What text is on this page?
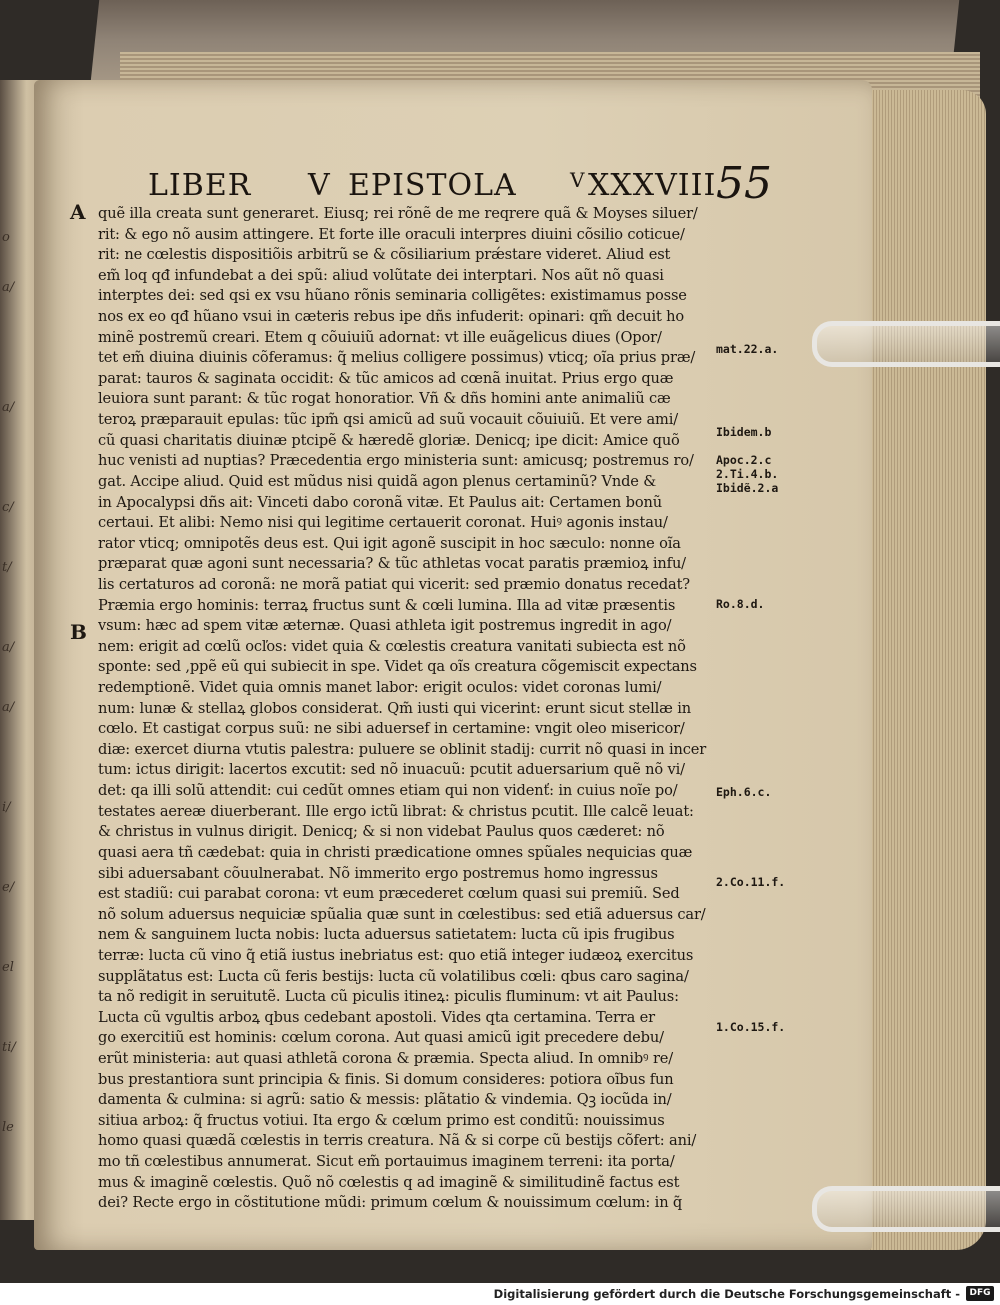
o
a/
a/
c/
t/
a/
a/
i/
e/
el
ti/
le
LIBER V EPISTOLA	V XXXVIII 55
A
B
quẽ illa creata sunt generaret. Eiusq; rei rõnẽ de me reqrere quã & Moyses siluer/
rit: & ego nõ ausim attingere. Et forte ille oraculi interpres diuini cõsilio coticue/
rit: ne cœlestis dispositiõis arbitrũ se & cõsiliarium prǽstare videret. Aliud est
em̃ loq qđ infundebat a dei spũ: aliud volũtate dei interptari. Nos aũt nõ quasi
interptes dei: sed qsi ex vsu hũano rõnis seminaria colligẽtes: existimamus posse
nos ex eo qđ hũano vsui in cæteris rebus ipe dñs infuderit: opinari: qm̃ decuit ho
minẽ postremũ creari. Etem q cõuiuiũ adornat: vt ille euãgelicus diues (Opor/
tet em̃ diuina diuinis cõferamus: q̃ melius colligere possimus) vticq; oĩa prius præ/
parat: tauros & saginata occidit: & tũc amicos ad cœnã inuitat. Prius ergo quæ
leuiora sunt parant: & tũc rogat honoratior. Vñ & dñs homini ante animaliũ cæ
teroꝝ præparauit epulas: tũc ipm̃ qsi amicũ ad suũ vocauit cõuiuiũ. Et vere ami/
cũ quasi charitatis diuinæ ptcipẽ & hæredẽ gloriæ. Denicq; ipe dicit: Amice quõ
huc venisti ad nuptias? Præcedentia ergo ministeria sunt: amicusq; postremus ro/
gat. Accipe aliud. Quid est mũdus nisi quidã agon plenus certaminũ? Vnde &
in Apocalypsi dñs ait: Vinceti dabo coronã vitæ. Et Paulus ait: Certamen bonũ
certaui. Et alibi: Nemo nisi qui legitime certauerit coronat. Huiꝰ agonis instau/
rator vticq; omnipotẽs deus est. Qui igit agonẽ suscipit in hoc sæculo: nonne oĩa
præparat quæ agoni sunt necessaria? & tũc athletas vocat paratis præmioꝝ infu/
lis certaturos ad coronã: ne morã patiat qui vicerit: sed præmio donatus recedat?
Præmia ergo hominis: terraꝝ fructus sunt & cœli lumina. Illa ad vitæ præsentis
vsum: hæc ad spem vitæ æternæ. Quasi athleta igit postremus ingredit in ago/
nem: erigit ad cœlũ ocľos: videt quia & cœlestis creatura vanitati subiecta est nõ
sponte: sed ,ppẽ eũ qui subiecit in spe. Videt qa oĩs creatura cõgemiscit expectans
redemptionẽ. Videt quia omnis manet labor: erigit oculos: videt coronas lumi/
num: lunæ & stellaꝝ globos considerat. Qm̃ iusti qui vicerint: erunt sicut stellæ in
cœlo. Et castigat corpus suũ: ne sibi aduersef in certamine: vngit oleo misericor/
diæ: exercet diurna vtutis palestra: puluere se oblinit stadij: currit nõ quasi in incer
tum: ictus dirigit: lacertos excutit: sed nõ inuacuũ: pcutit aduersarium quẽ nõ vi/
det: qa illi solũ attendit: cui cedũt omnes etiam qui non videnť: in cuius noĩe po/
testates aereæ diuerberant. Ille ergo ictũ librat: & christus pcutit. Ille calcẽ leuat:
& christus in vulnus dirigit. Denicq; & si non videbat Paulus quos cæderet: nõ
quasi aera tñ cædebat: quia in christi prædicatione omnes spũales nequicias quæ
sibi aduersabant cõuulnerabat. Nõ immerito ergo postremus homo ingressus
est stadiũ: cui parabat corona: vt eum præcederet cœlum quasi sui premiũ. Sed
nõ solum aduersus nequiciæ spũalia quæ sunt in cœlestibus: sed etiã aduersus car/
nem & sanguinem lucta nobis: lucta aduersus satietatem: lucta cũ ipis frugibus
terræ: lucta cũ vino q̃ etiã iustus inebriatus est: quo etiã integer iudæoꝝ exercitus
supplãtatus est: Lucta cũ feris bestijs: lucta cũ volatilibus cœli: qbus caro sagina/
ta nõ redigit in seruitutẽ. Lucta cũ piculis itineꝝ: piculis fluminum: vt ait Paulus:
Lucta cũ vgultis arboꝝ qbus cedebant apostoli. Vides qta certamina. Terra er
go exercitiũ est hominis: cœlum corona. Aut quasi amicũ igit precedere debu/
erũt ministeria: aut quasi athletã corona & præmia. Specta aliud. In omnibꝰ re/
bus prestantiora sunt principia & finis. Si domum consideres: potiora oĩbus fun
damenta & culmina: si agrũ: satio & messis: plãtatio & vindemia. Qꝫ iocũda in/
sitiua arboꝝ: q̃ fructus votiui. Ita ergo & cœlum primo est conditũ: nouissimus
homo quasi quædã cœlestis in terris creatura. Nã & si corpe cũ bestijs cõfert: ani/
mo tñ cœlestibus annumerat. Sicut em̃ portauimus imaginem terreni: ita porta/
mus & imaginẽ cœlestis. Quõ nõ cœlestis q ad imaginẽ & similitudinẽ factus est
dei? Recte ergo in cõstitutione mũdi: primum cœlum & nouissimum cœlum: in q̃
mat.22.a.
Ibidem.b
Apoc.2.c
2.Ti.4.b.
Ibidẽ.2.a
Ro.8.d.
Eph.6.c.
2.Co.11.f.
1.Co.15.f.
Digitalisierung gefördert durch die Deutsche Forschungsgemeinschaft -	DFG
